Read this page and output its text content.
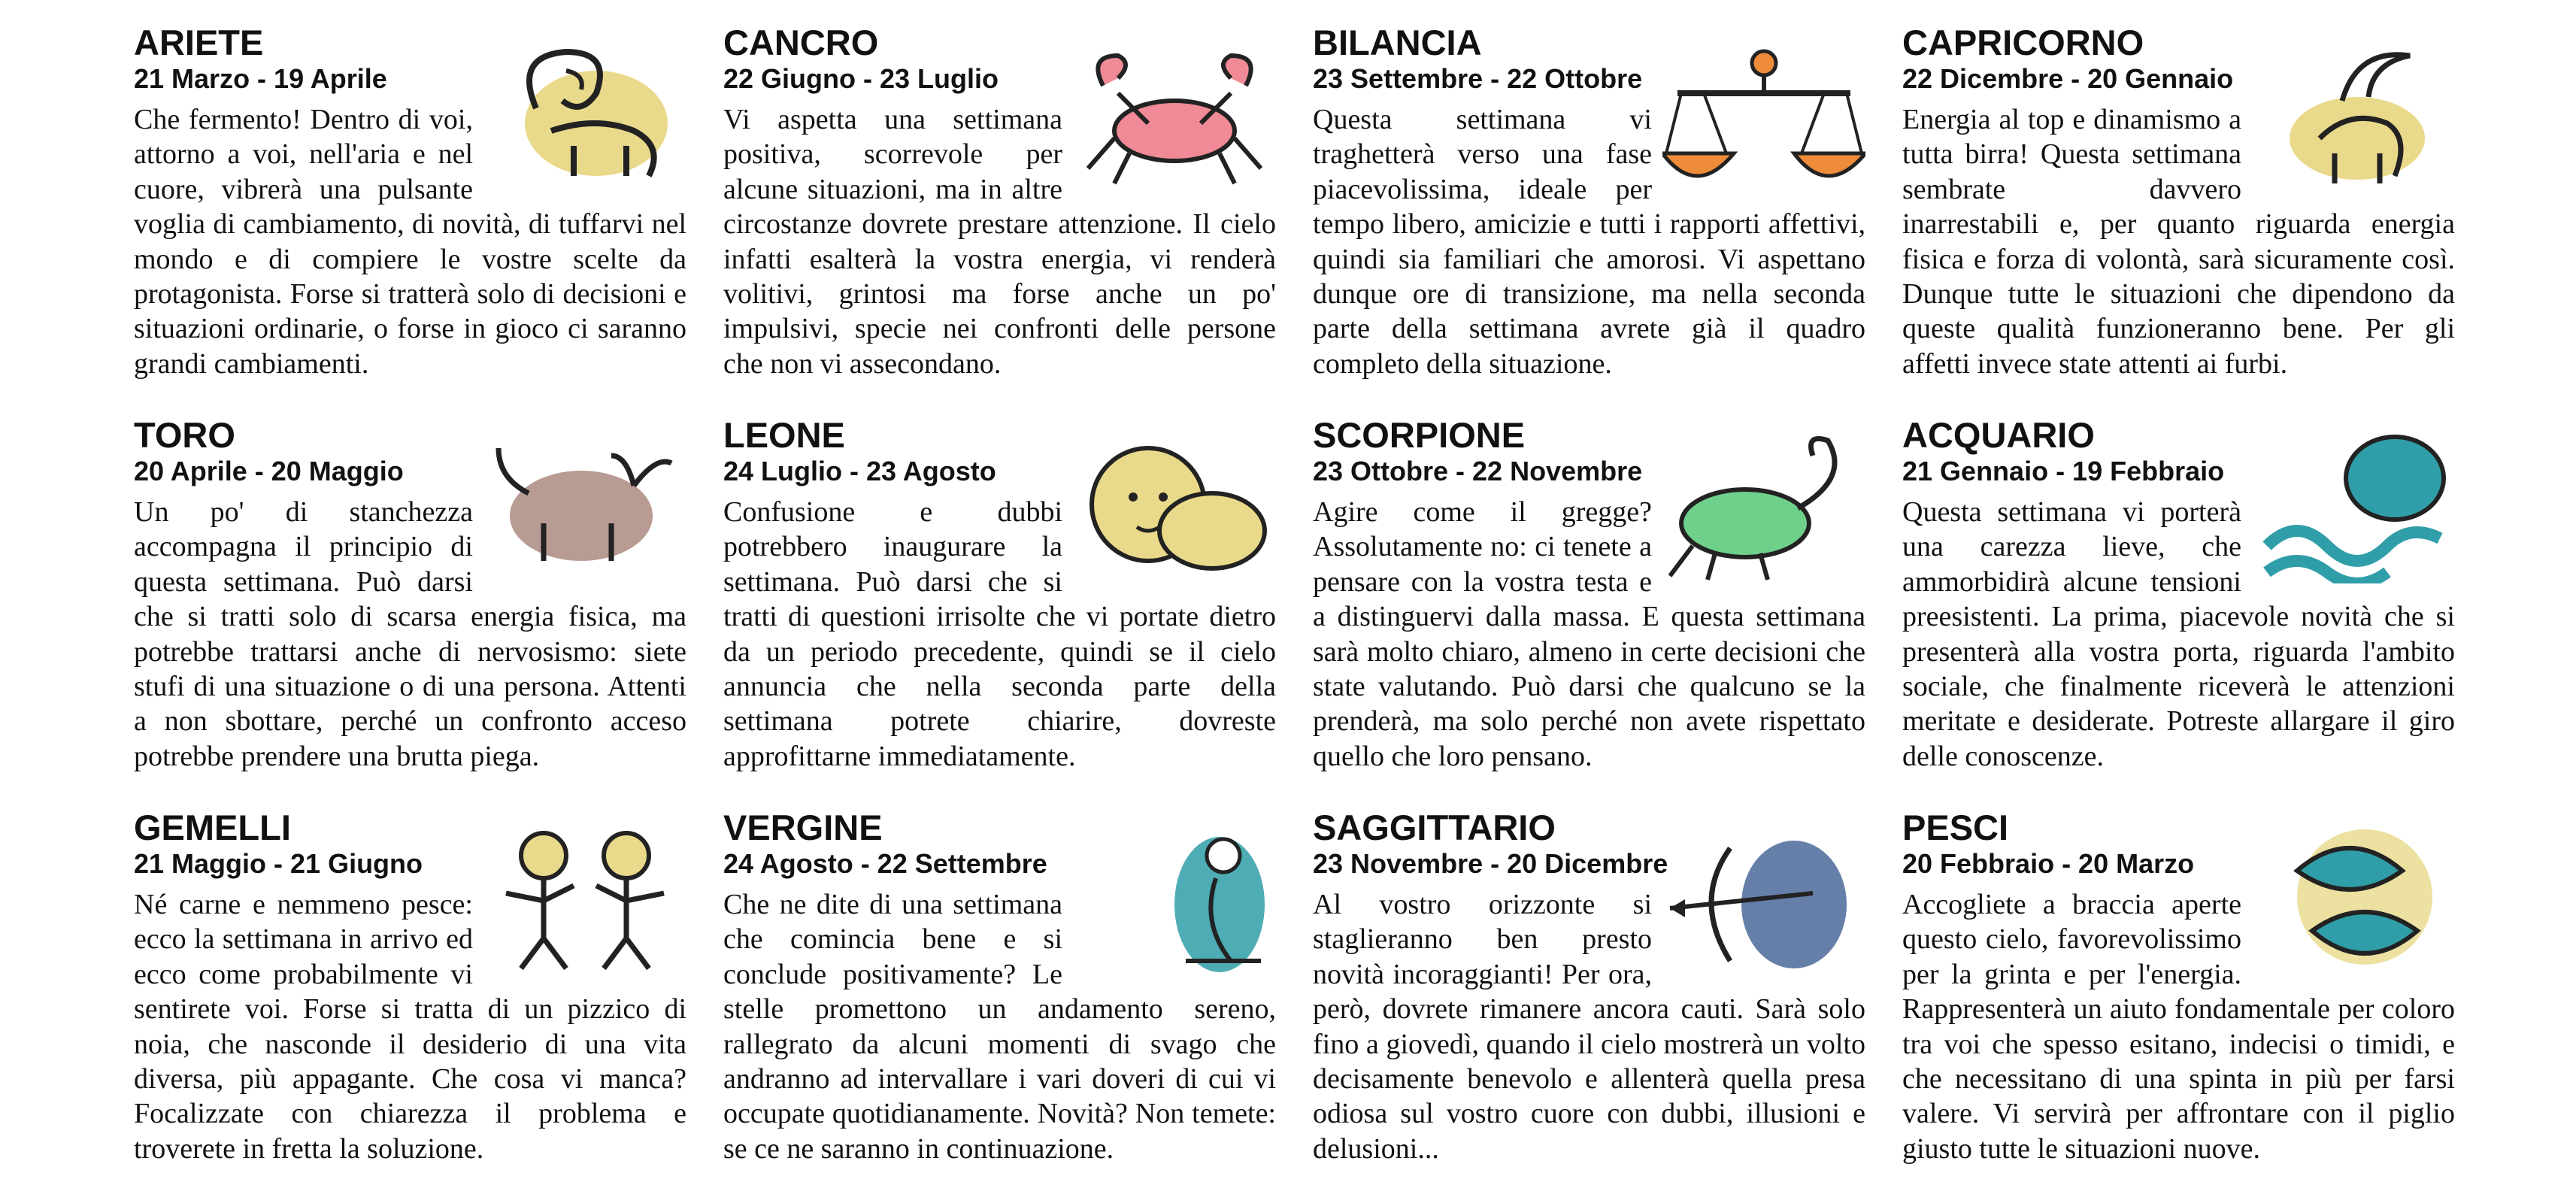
ARIETE
21 Marzo - 19 Aprile

Che fermento! Dentro di voi, attorno a voi, nell'aria e nel cuore, vibrerà una pulsante voglia di cambiamento, di novità, di tuffarvi nel mondo e di compiere le vostre scelte da protagonista. Forse si tratterà solo di decisioni e situazioni ordinarie, o forse in gioco ci saranno grandi cambiamenti.

CANCRO
22 Giugno - 23 Luglio

Vi aspetta una settimana positiva, scorrevole per alcune situazioni, ma in altre circostanze dovrete prestare attenzione. Il cielo infatti esalterà la vostra energia, vi renderà volitivi, grintosi ma forse anche un po' impulsivi, specie nei confronti delle persone che non vi assecondano.

BILANCIA
23 Settembre - 22 Ottobre

Questa settimana vi traghetterà verso una fase piacevolissima, ideale per tempo libero, amicizie e tutti i rapporti affettivi, quindi sia familiari che amorosi. Vi aspettano dunque ore di transizione, ma nella seconda parte della settimana avrete già il quadro completo della situazione.

CAPRICORNO
22 Dicembre - 20 Gennaio

Energia al top e dinamismo a tutta birra! Questa settimana sembrate davvero inarrestabili e, per quanto riguarda energia fisica e forza di volontà, sarà sicuramente così. Dunque tutte le situazioni che dipendono da queste qualità funzioneranno bene. Per gli affetti invece state attenti ai furbi.

TORO
20 Aprile - 20 Maggio

Un po' di stanchezza accompagna il principio di questa settimana. Può darsi che si tratti solo di scarsa energia fisica, ma potrebbe trattarsi anche di nervosismo: siete stufi di una situazione o di una persona. Attenti a non sbottare, perché un confronto acceso potrebbe prendere una brutta piega.

LEONE
24 Luglio - 23 Agosto

Confusione e dubbi potrebbero inaugurare la settimana. Può darsi che si tratti di questioni irrisolte che vi portate dietro da un periodo precedente, quindi se il cielo annuncia che nella seconda parte della settimana potrete chiarire, dovreste approfittarne immediatamente.

SCORPIONE
23 Ottobre - 22 Novembre

Agire come il gregge? Assolutamente no: ci tenete a pensare con la vostra testa e a distinguervi dalla massa. E questa settimana sarà molto chiaro, almeno in certe decisioni che state valutando. Può darsi che qualcuno se la prenderà, ma solo perché non avete rispettato quello che loro pensano.

ACQUARIO
21 Gennaio - 19 Febbraio

Questa settimana vi porterà una carezza lieve, che ammorbidirà alcune tensioni preesistenti. La prima, piacevole novità che si presenterà alla vostra porta, riguarda l'ambito sociale, che finalmente riceverà le attenzioni meritate e desiderate. Potreste allargare il giro delle conoscenze.

GEMELLI
21 Maggio - 21 Giugno

Né carne e nemmeno pesce: ecco la settimana in arrivo ed ecco come probabilmente vi sentirete voi. Forse si tratta di un pizzico di noia, che nasconde il desiderio di una vita diversa, più appagante. Che cosa vi manca? Focalizzate con chiarezza il problema e troverete in fretta la soluzione.

VERGINE
24 Agosto - 22 Settembre

Che ne dite di una settimana che comincia bene e si conclude positivamente? Le stelle promettono un andamento sereno, rallegrato da alcuni momenti di svago che andranno ad intervallare i vari doveri di cui vi occupate quotidianamente. Novità? Non temete: se ce ne saranno in continuazione.

SAGGITTARIO
23 Novembre - 20 Dicembre

Al vostro orizzonte si staglieranno ben presto novità incoraggianti! Per ora, però, dovrete rimanere ancora cauti. Sarà solo fino a giovedì, quando il cielo mostrerà un volto decisamente benevolo e allenterà quella presa odiosa sul vostro cuore con dubbi, illusioni e delusioni...

PESCI
20 Febbraio - 20 Marzo

Accogliete a braccia aperte questo cielo, favorevolissimo per la grinta e per l'energia. Rappresenterà un aiuto fondamentale per coloro tra voi che spesso esitano, indecisi o timidi, e che necessitano di una spinta in più per farsi valere. Vi servirà per affrontare con il piglio giusto tutte le situazioni nuove.
